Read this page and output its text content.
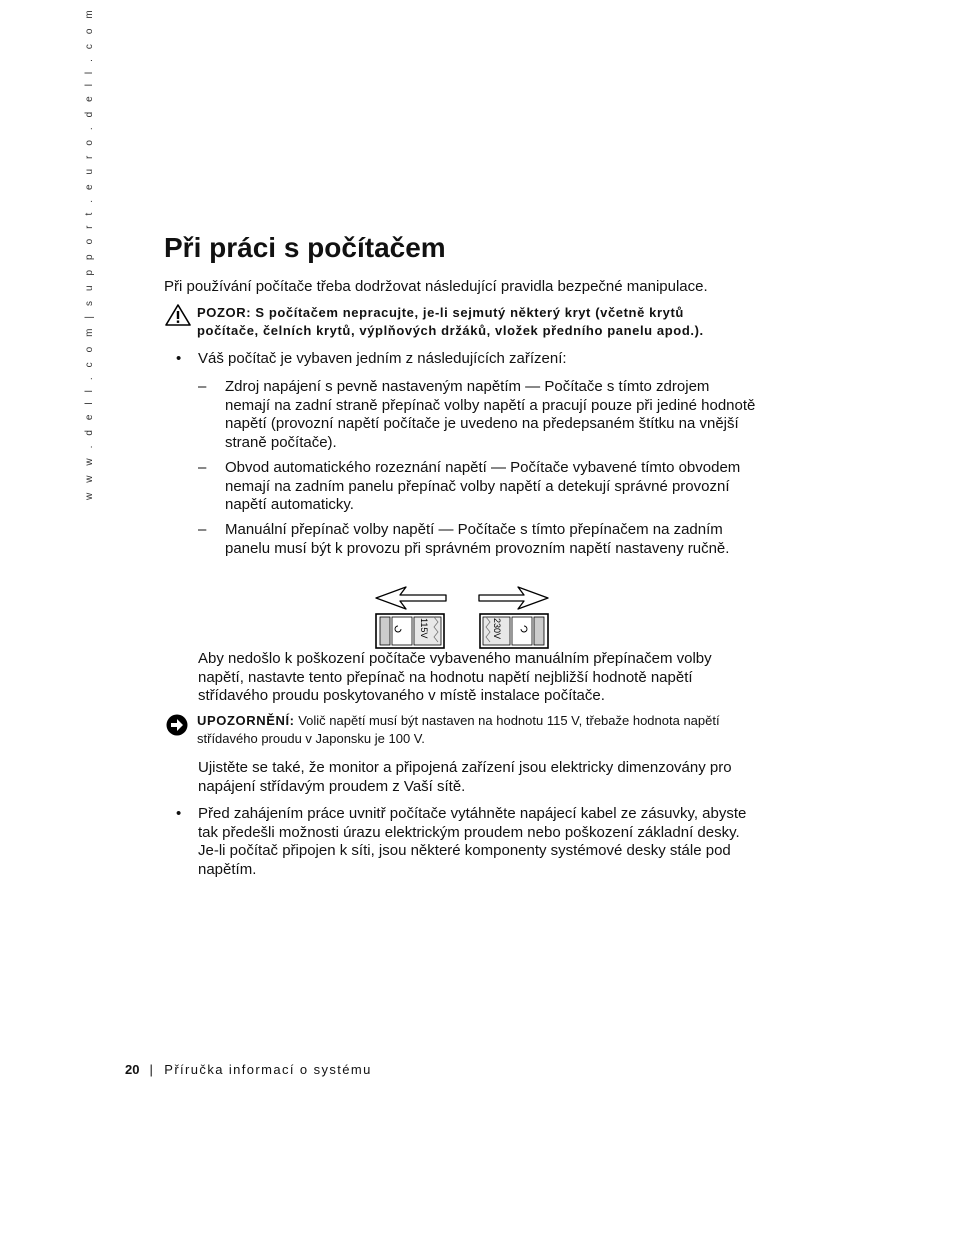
w w w . d e l l . c o m | s u p p o r t . e u r o . d e l l . c o m Při práci s počítačem
Při používání počítače třeba dodržovat následující pravidla bezpečné manipulace.
POZOR: S počítačem nepracujte, je-li sejmutý některý kryt (včetně krytů
počítače, čelních krytů, výplňových držáků, vložek předního panelu apod.).
• Váš počítač je vybaven jedním z následujících zařízení:
– Zdroj napájení s pevně nastaveným napětím — Počítače s tímto zdrojem
nemají na zadní straně přepínač volby napětí a pracují pouze při jediné hodnotě
napětí (provozní napětí počítače je uvedeno na předepsaném štítku na vnější
straně počítače).
– Obvod automatického rozeznání napětí — Počítače vybavené tímto obvodem
nemají na zadním panelu přepínač volby napětí a detekují správné provozní
napětí automaticky.
– Manuální přepínač volby napětí — Počítače s tímto přepínačem na zadním
panelu musí být k provozu při správném provozním napětí nastaveny ručně.
115V	230V
Aby nedošlo k poškození počítače vybaveného manuálním přepínačem volby
napětí, nastavte tento přepínač na hodnotu napětí nejbližší hodnotě napětí
střídavého proudu poskytovaného v místě instalace počítače.
UPOZORNĚNÍ: Volič napětí musí být nastaven na hodnotu 115 V, třebaže hodnota napětí
střídavého proudu v Japonsku je 100 V.
Ujistěte se také, že monitor a připojená zařízení jsou elektricky dimenzovány pro
napájení střídavým proudem z Vaší sítě.
• Před zahájením práce uvnitř počítače vytáhněte napájecí kabel ze zásuvky, abyste
tak předešli možnosti úrazu elektrickým proudem nebo poškození základní desky.
Je-li počítač připojen k síti, jsou některé komponenty systémové desky stále pod
napětím.
20 | Příručka informací o systému
